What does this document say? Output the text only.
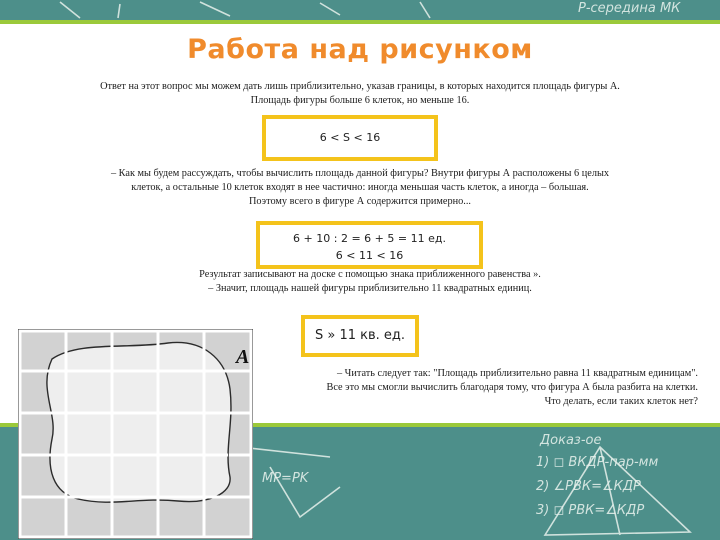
Р-середина МК
Доказ-ое
1) ◻ ВКДР-пар-мм
2) ∠РВК=∠КДР
3) ◻ РВК=∠КДР
МР=PK
Работа над рисунком
Ответ на этот вопрос мы можем дать лишь приблизительно, указав границы, в которых находится площадь фигуры А.
Площадь фигуры больше 6 клеток, но меньше 16.
6 < S < 16
– Как мы будем рассуждать, чтобы вычислить площадь данной фигуры? Внутри фигуры А расположены 6 целых
клеток, а остальные 10 клеток входят в нее частично: иногда меньшая часть клеток, а иногда – большая.
Поэтому всего в фигуре А содержится примерно...
6 + 10 : 2 = 6 + 5 = 11 ед.
6 < 11 < 16
Результат записывают на доске с помощью знака приближенного равенства ».
– Значит, площадь нашей фигуры приблизительно 11 квадратных единиц.
S » 11 кв. ед.
А
– Читать следует так: "Площадь приблизительно равна 11 квадратным единицам".
Все это мы смогли вычислить благодаря тому, что фигура А была разбита на клетки.
Что делать, если таких клеток нет?
